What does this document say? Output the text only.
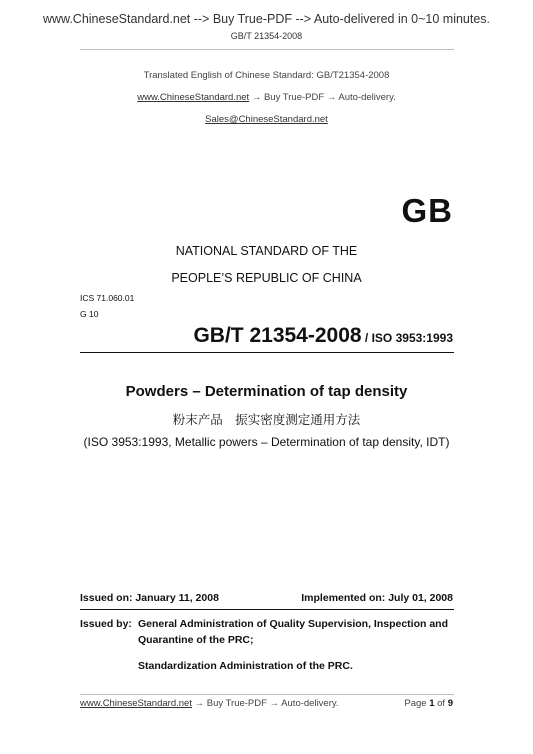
www.ChineseStandard.net --> Buy True-PDF --> Auto-delivered in 0~10 minutes.
GB/T 21354-2008
Translated English of Chinese Standard: GB/T21354-2008
www.ChineseStandard.net → Buy True-PDF → Auto-delivery.
Sales@ChineseStandard.net
GB
NATIONAL STANDARD OF THE
PEOPLE’S REPUBLIC OF CHINA
ICS 71.060.01
G 10
GB/T 21354-2008 / ISO 3953:1993
Powders – Determination of tap density
粉末产品　振实密度测定通用方法
(ISO 3953:1993, Metallic powers – Determination of tap density, IDT)
Issued on: January 11, 2008	Implemented on: July 01, 2008
Issued by: General Administration of Quality Supervision, Inspection and
Quarantine of the PRC;
Standardization Administration of the PRC.
www.ChineseStandard.net → Buy True-PDF → Auto-delivery.	Page 1 of 9
